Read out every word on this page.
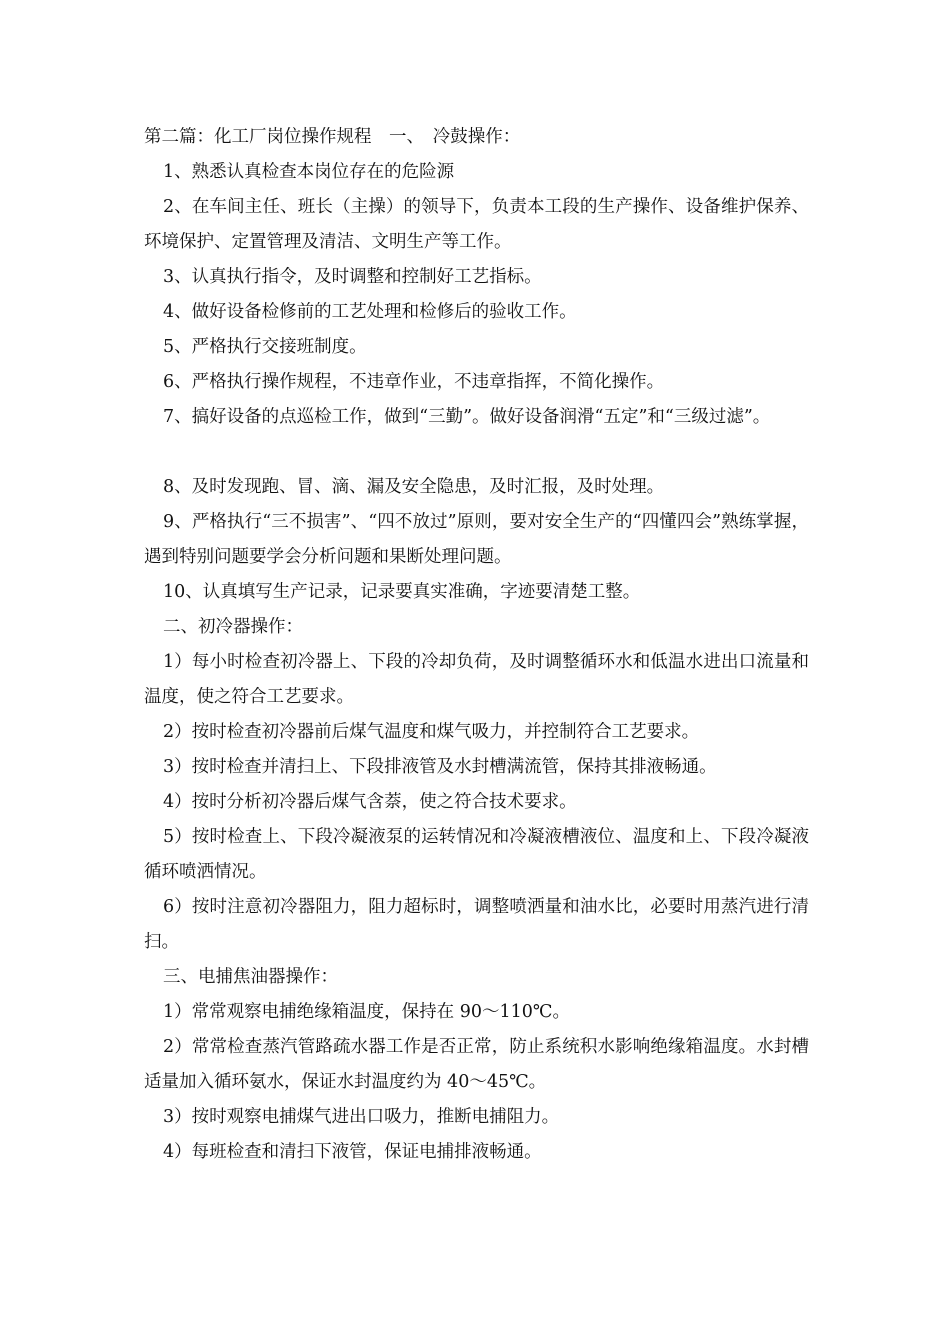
第二篇：化工厂岗位操作规程　一、　冷鼓操作：

1、熟悉认真检查本岗位存在的危险源

2、在车间主任、班长（主操）的领导下，负责本工段的生产操作、设备维护保养、环境保护、定置管理及清洁、文明生产等工作。

3、认真执行指令，及时调整和控制好工艺指标。

4、做好设备检修前的工艺处理和检修后的验收工作。

5、严格执行交接班制度。

6、严格执行操作规程，不违章作业，不违章指挥，不简化操作。

7、搞好设备的点巡检工作，做到“三勤”。做好设备润滑“五定”和“三级过滤”。

8、及时发现跑、冒、滴、漏及安全隐患，及时汇报，及时处理。

9、严格执行“三不损害”、“四不放过”原则，要对安全生产的“四懂四会”熟练掌握，遇到特别问题要学会分析问题和果断处理问题。

10、认真填写生产记录，记录要真实准确，字迹要清楚工整。

二、初冷器操作：

1）每小时检查初冷器上、下段的冷却负荷，及时调整循环水和低温水进出口流量和温度，使之符合工艺要求。

2）按时检查初冷器前后煤气温度和煤气吸力，并控制符合工艺要求。

3）按时检查并清扫上、下段排液管及水封槽满流管，保持其排液畅通。

4）按时分析初冷器后煤气含萘，使之符合技术要求。

5）按时检查上、下段冷凝液泵的运转情况和冷凝液槽液位、温度和上、下段冷凝液循环喷洒情况。

6）按时注意初冷器阻力，阻力超标时，调整喷洒量和油水比，必要时用蒸汽进行清扫。

三、电捕焦油器操作：

1）常常观察电捕绝缘箱温度，保持在 90～110℃。

2）常常检查蒸汽管路疏水器工作是否正常，防止系统积水影响绝缘箱温度。水封槽适量加入循环氨水，保证水封温度约为 40～45℃。

3）按时观察电捕煤气进出口吸力，推断电捕阻力。

4）每班检查和清扫下液管，保证电捕排液畅通。
